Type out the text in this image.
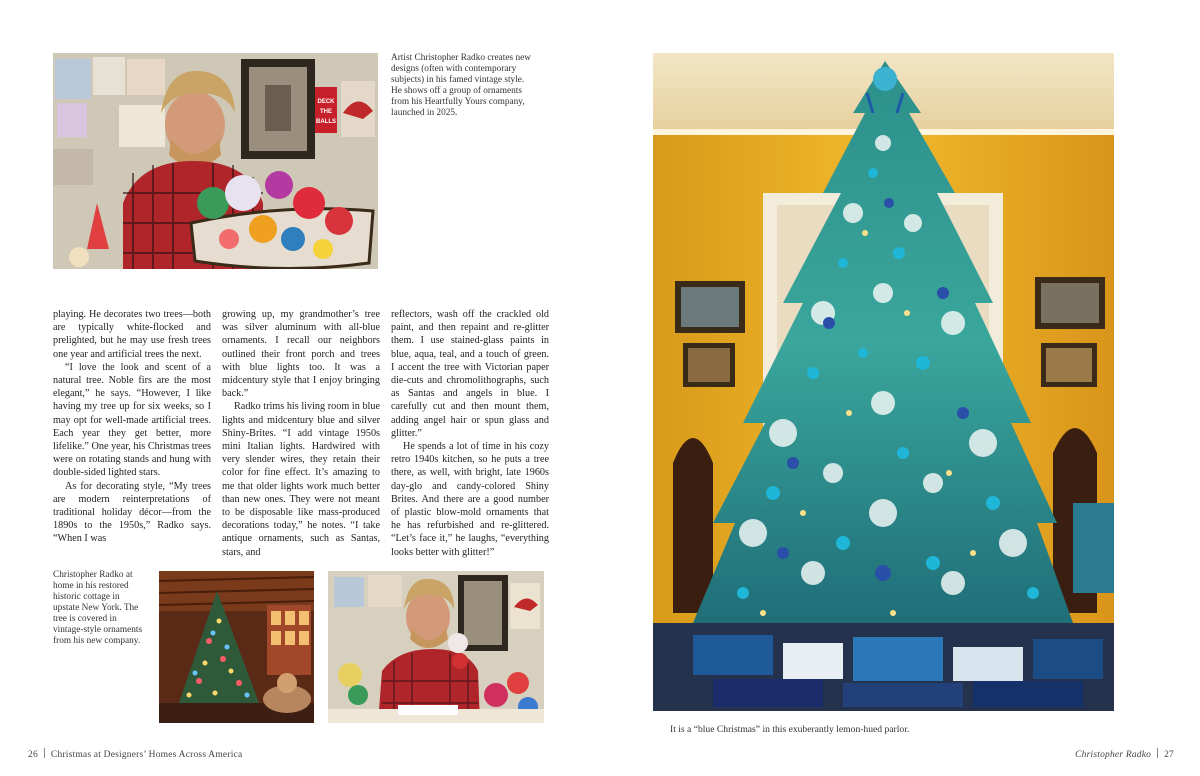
DECK
THE
BALLS
Artist Christopher Radko creates new designs (often with contemporary subjects) in his famed vintage style. He shows off a group of ornaments from his Heartfully Yours company, launched in 2025.

playing. He decorates two trees—both are typically white-flocked and prelighted, but he may use fresh trees one year and artificial trees the next.

“I love the look and scent of a natural tree. Noble firs are the most elegant,” he says. “However, I like having my tree up for six weeks, so I may opt for well-made artificial trees. Each year they get better, more lifelike.” One year, his Christmas trees were on rotating stands and hung with double-sided lighted stars.

As for decorating style, “My trees are modern reinterpretations of traditional holiday décor—from the 1890s to the 1950s,” Radko says. “When I was

growing up, my grandmother’s tree was silver aluminum with all-blue ornaments. I recall our neighbors outlined their front porch and trees with blue lights too. It was a midcentury style that I enjoy bringing back.”

Radko trims his living room in blue lights and midcentury blue and silver Shiny-Brites. “I add vintage 1950s mini Italian lights. Hardwired with very slender wires, they retain their color for fine effect. It’s amazing to me that older lights work much better than new ones. They were not meant to be disposable like mass-produced decorations today,” he notes. “I take antique ornaments, such as Santas, stars, and

reflectors, wash off the crackled old paint, and then repaint and re-glitter them. I use stained-glass paints in blue, aqua, teal, and a touch of green. I accent the tree with Victorian paper die-cuts and chromolithographs, such as Santas and angels in blue. I carefully cut and then mount them, adding angel hair or spun glass and glitter.”

He spends a lot of time in his cozy retro 1940s kitchen, so he puts a tree there, as well, with bright, late 1960s day-glo and candy-colored Shiny Brites. And there are a good number of plastic blow-mold ornaments that he has refurbished and re-glittered. “Let’s face it,” he laughs, “everything looks better with glitter!”

Christopher Radko at home in his restored historic cottage in upstate New York. The tree is covered in vintage-style ornaments from his new company.
26 Christmas at Designers’ Homes Across America
It is a “blue Christmas” in this exuberantly lemon-hued parlor.
Christopher Radko 27
